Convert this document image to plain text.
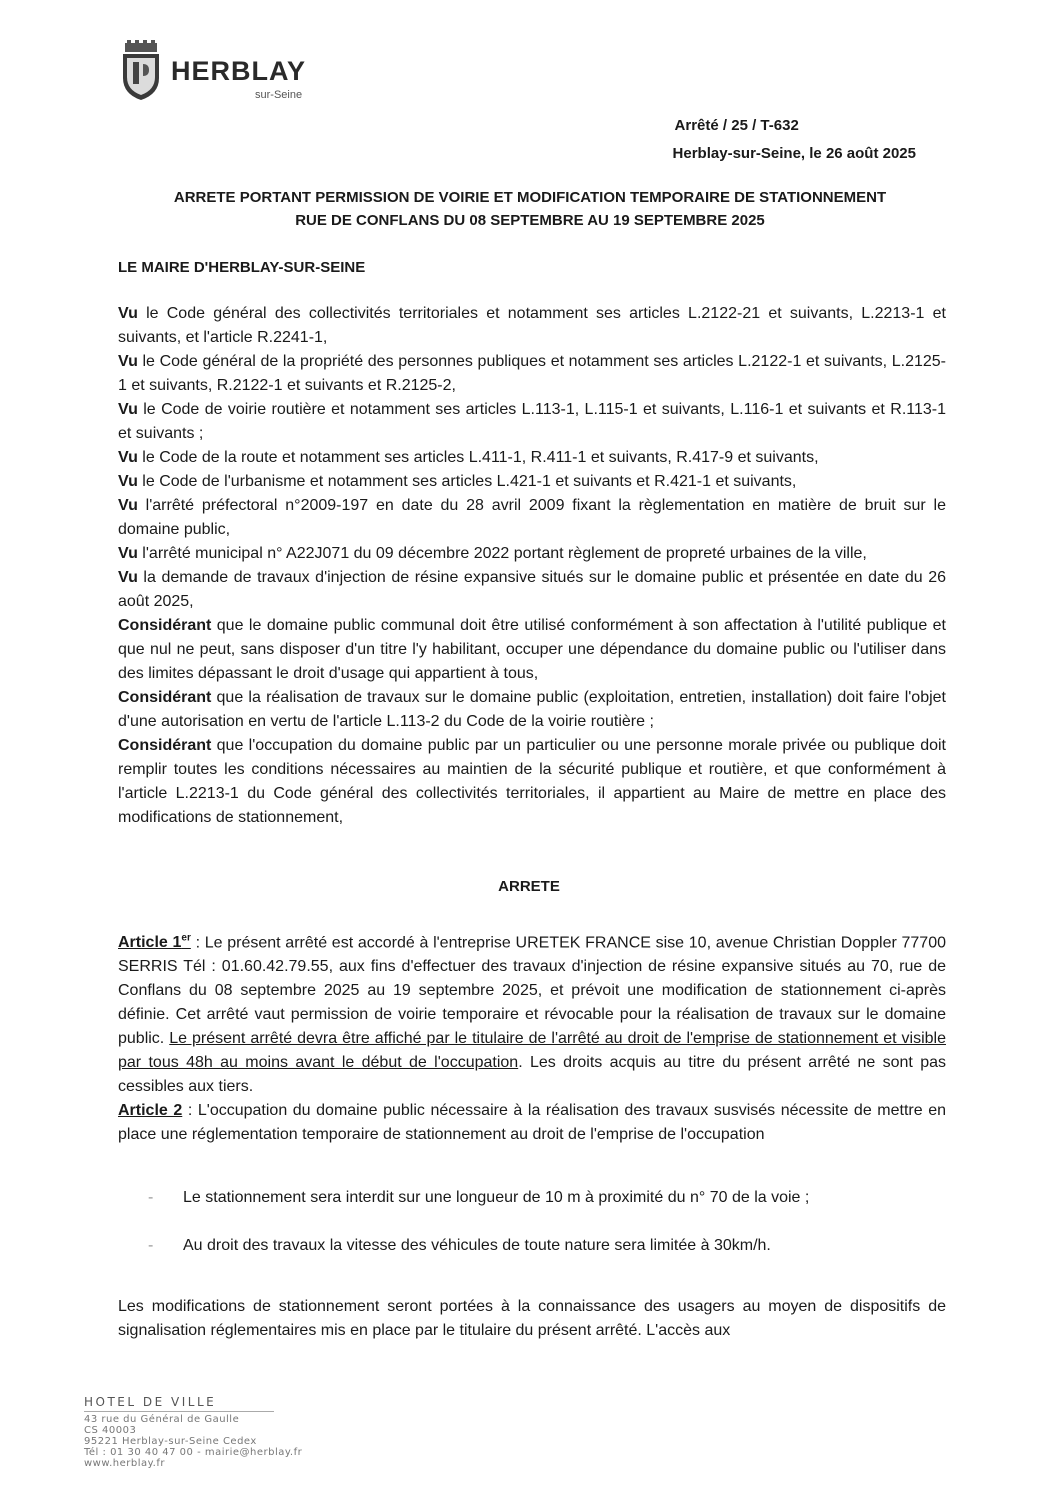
HERBLAY
sur-Seine
Arrêté / 25 / T-632
Herblay-sur-Seine, le 26 août 2025
ARRETE PORTANT PERMISSION DE VOIRIE ET MODIFICATION TEMPORAIRE DE STATIONNEMENT
RUE DE CONFLANS DU 08 SEPTEMBRE AU 19 SEPTEMBRE 2025
LE MAIRE D'HERBLAY-SUR-SEINE

Vu le Code général des collectivités territoriales et notamment ses articles L.2122-21 et suivants, L.2213-1 et suivants, et l'article R.2241-1,

Vu le Code général de la propriété des personnes publiques et notamment ses articles L.2122-1 et suivants, L.2125-1 et suivants, R.2122-1 et suivants et R.2125-2,

Vu le Code de voirie routière et notamment ses articles L.113-1, L.115-1 et suivants, L.116-1 et suivants et R.113-1 et suivants ;

Vu le Code de la route et notamment ses articles L.411-1, R.411-1 et suivants, R.417-9 et suivants,

Vu le Code de l'urbanisme et notamment ses articles L.421-1 et suivants et R.421-1 et suivants,

Vu l'arrêté préfectoral n°2009-197 en date du 28 avril 2009 fixant la règlementation en matière de bruit sur le domaine public,

Vu l'arrêté municipal n° A22J071 du 09 décembre 2022 portant règlement de propreté urbaines de la ville,

Vu la demande de travaux d'injection de résine expansive situés sur le domaine public et présentée en date du 26 août 2025,

Considérant que le domaine public communal doit être utilisé conformément à son affectation à l'utilité publique et que nul ne peut, sans disposer d'un titre l'y habilitant, occuper une dépendance du domaine public ou l'utiliser dans des limites dépassant le droit d'usage qui appartient à tous,

Considérant que la réalisation de travaux sur le domaine public (exploitation, entretien, installation) doit faire l'objet d'une autorisation en vertu de l'article L.113-2 du Code de la voirie routière ;

Considérant que l'occupation du domaine public par un particulier ou une personne morale privée ou publique doit remplir toutes les conditions nécessaires au maintien de la sécurité publique et routière, et que conformément à l'article L.2213-1 du Code général des collectivités territoriales, il appartient au Maire de mettre en place des modifications de stationnement,

ARRETE

Article 1er : Le présent arrêté est accordé à l'entreprise URETEK FRANCE sise 10, avenue Christian Doppler 77700 SERRIS Tél : 01.60.42.79.55, aux fins d'effectuer des travaux d'injection de résine expansive situés au 70, rue de Conflans du 08 septembre 2025 au 19 septembre 2025, et prévoit une modification de stationnement ci-après définie. Cet arrêté vaut permission de voirie temporaire et révocable pour la réalisation de travaux sur le domaine public. Le présent arrêté devra être affiché par le titulaire de l'arrêté au droit de l'emprise de stationnement et visible par tous 48h au moins avant le début de l'occupation. Les droits acquis au titre du présent arrêté ne sont pas cessibles aux tiers.

Article 2 : L'occupation du domaine public nécessaire à la réalisation des travaux susvisés nécessite de mettre en place une réglementation temporaire de stationnement au droit de l'emprise de l'occupation

- Le stationnement sera interdit sur une longueur de 10 m à proximité du n° 70 de la voie ;
- Au droit des travaux la vitesse des véhicules de toute nature sera limitée à 30km/h.
Les modifications de stationnement seront portées à la connaissance des usagers au moyen de dispositifs de signalisation réglementaires mis en place par le titulaire du présent arrêté. L'accès aux
HOTEL DE VILLE
43 rue du Général de Gaulle
CS 40003
95221 Herblay-sur-Seine Cedex
Tél : 01 30 40 47 00 - mairie@herblay.fr
www.herblay.fr
